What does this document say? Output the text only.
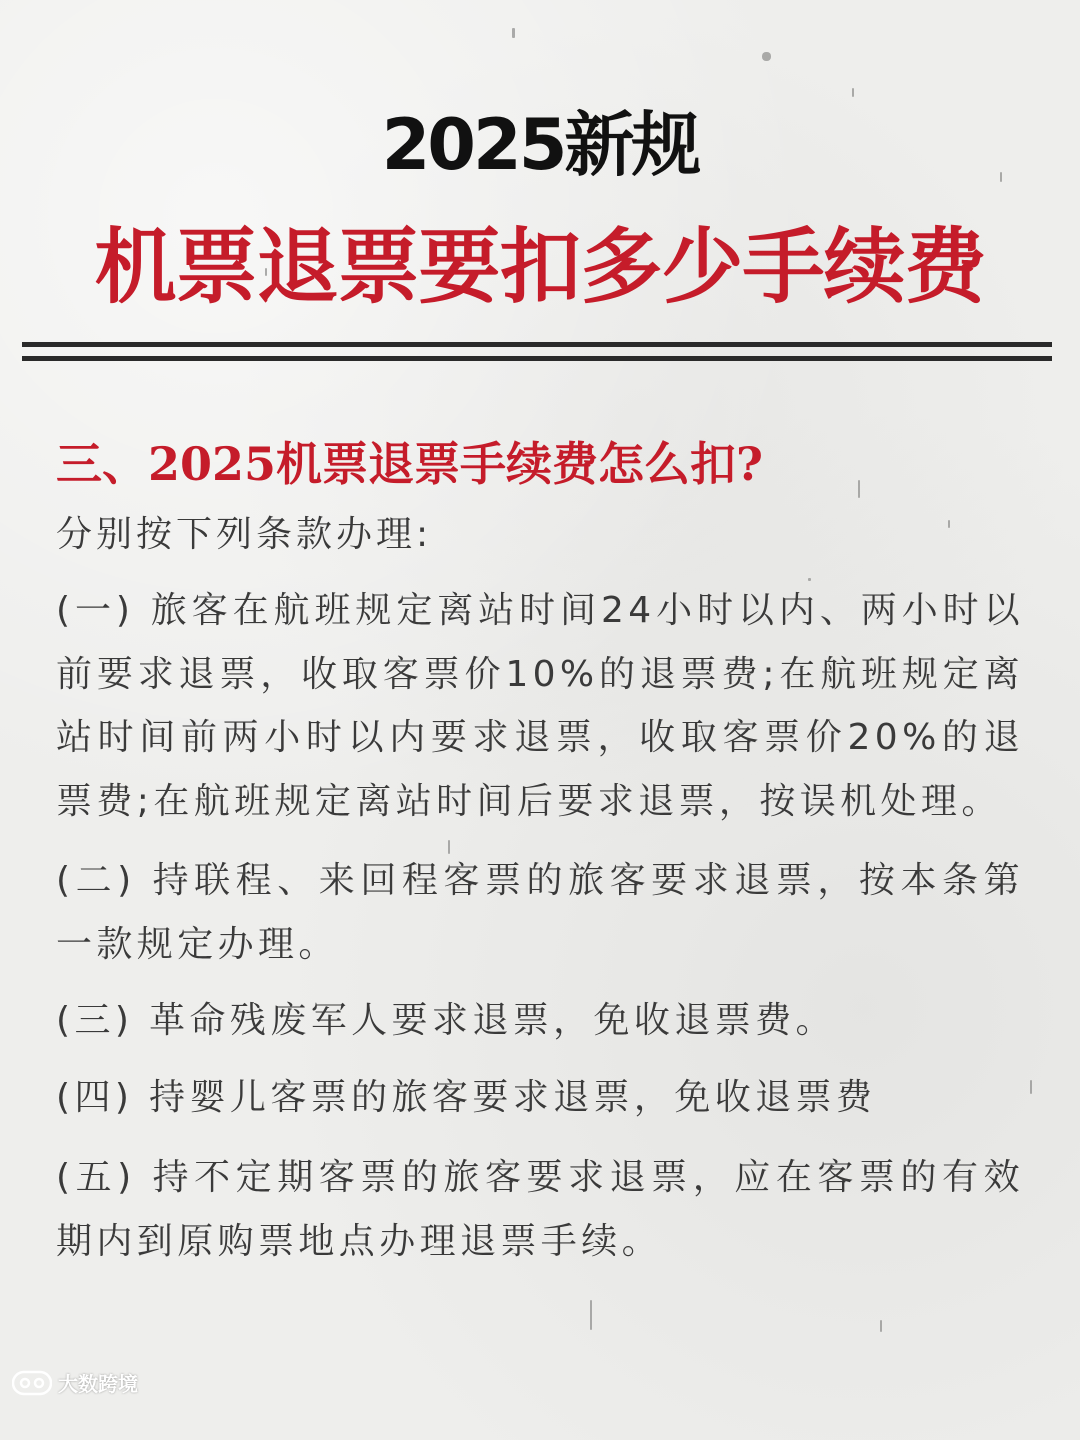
2025新规
机票退票要扣多少手续费
三、2025机票退票手续费怎么扣?
分别按下列条款办理:
(一) 旅客在航班规定离站时间24小时以内、两小时以前要求退票，收取客票价10%的退票费;在航班规定离站时间前两小时以内要求退票，收取客票价20%的退票费;在航班规定离站时间后要求退票，按误机处理。
(二) 持联程、来回程客票的旅客要求退票，按本条第一款规定办理。
(三) 革命残废军人要求退票，免收退票费。
(四) 持婴儿客票的旅客要求退票，免收退票费
(五) 持不定期客票的旅客要求退票，应在客票的有效期内到原购票地点办理退票手续。
大数跨境
